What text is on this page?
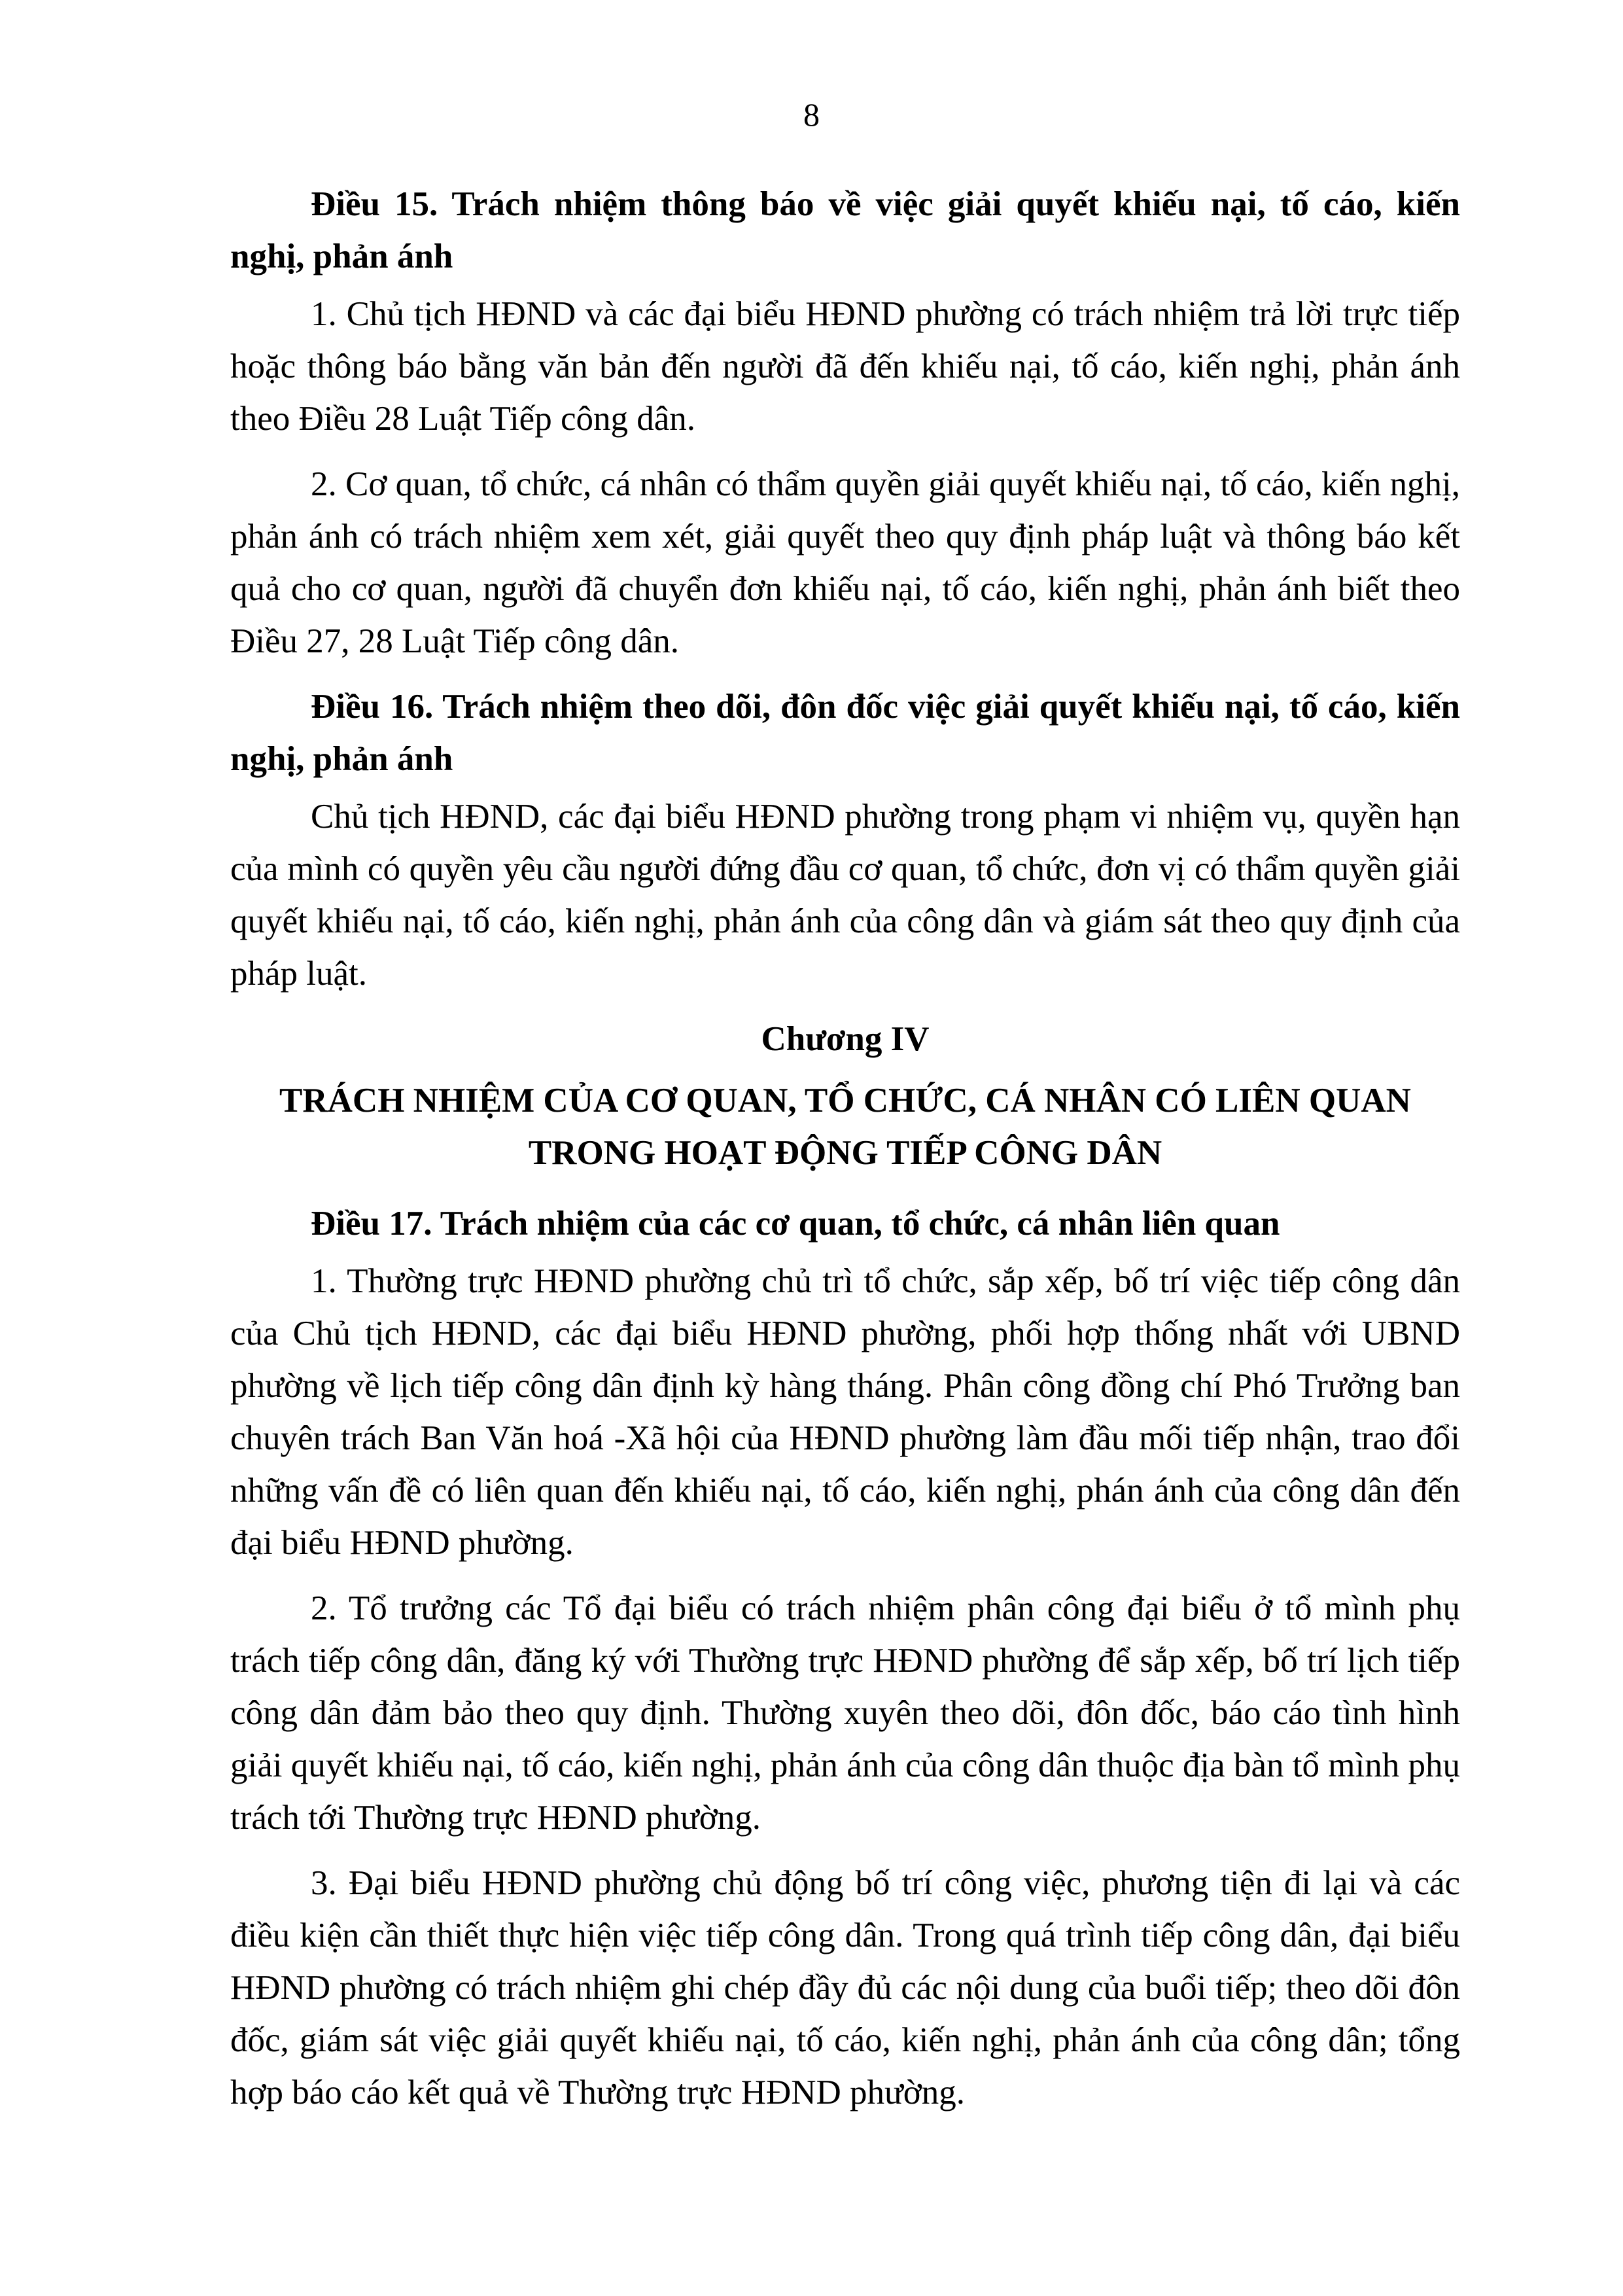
8

Điều 15. Trách nhiệm thông báo về việc giải quyết khiếu nại, tố cáo, kiến nghị, phản ánh

1. Chủ tịch HĐND và các đại biểu HĐND phường có trách nhiệm trả lời trực tiếp hoặc thông báo bằng văn bản đến người đã đến khiếu nại, tố cáo, kiến nghị, phản ánh theo Điều 28 Luật Tiếp công dân.

2. Cơ quan, tổ chức, cá nhân có thẩm quyền giải quyết khiếu nại, tố cáo, kiến nghị, phản ánh có trách nhiệm xem xét, giải quyết theo quy định pháp luật và thông báo kết quả cho cơ quan, người đã chuyển đơn khiếu nại, tố cáo, kiến nghị, phản ánh biết theo Điều 27, 28 Luật Tiếp công dân.

Điều 16. Trách nhiệm theo dõi, đôn đốc việc giải quyết khiếu nại, tố cáo, kiến nghị, phản ánh

Chủ tịch HĐND, các đại biểu HĐND phường trong phạm vi nhiệm vụ, quyền hạn của mình có quyền yêu cầu người đứng đầu cơ quan, tổ chức, đơn vị có thẩm quyền giải quyết khiếu nại, tố cáo, kiến nghị, phản ánh của công dân và giám sát theo quy định của pháp luật.

Chương IV

TRÁCH NHIỆM CỦA CƠ QUAN, TỔ CHỨC, CÁ NHÂN CÓ LIÊN QUAN TRONG HOẠT ĐỘNG TIẾP CÔNG DÂN

Điều 17. Trách nhiệm của các cơ quan, tổ chức, cá nhân liên quan

1. Thường trực HĐND phường chủ trì tổ chức, sắp xếp, bố trí việc tiếp công dân của Chủ tịch HĐND, các đại biểu HĐND phường, phối hợp thống nhất với UBND phường về lịch tiếp công dân định kỳ hàng tháng. Phân công đồng chí Phó Trưởng ban chuyên trách Ban Văn hoá -Xã hội của HĐND phường làm đầu mối tiếp nhận, trao đổi những vấn đề có liên quan đến khiếu nại, tố cáo, kiến nghị, phán ánh của công dân đến đại biểu HĐND phường.

2. Tổ trưởng các Tổ đại biểu có trách nhiệm phân công đại biểu ở tổ mình phụ trách tiếp công dân, đăng ký với Thường trực HĐND phường để sắp xếp, bố trí lịch tiếp công dân đảm bảo theo quy định. Thường xuyên theo dõi, đôn đốc, báo cáo tình hình giải quyết khiếu nại, tố cáo, kiến nghị, phản ánh của công dân thuộc địa bàn tổ mình phụ trách tới Thường trực HĐND phường.

3. Đại biểu HĐND phường chủ động bố trí công việc, phương tiện đi lại và các điều kiện cần thiết thực hiện việc tiếp công dân. Trong quá trình tiếp công dân, đại biểu HĐND phường có trách nhiệm ghi chép đầy đủ các nội dung của buổi tiếp; theo dõi đôn đốc, giám sát việc giải quyết khiếu nại, tố cáo, kiến nghị, phản ánh của công dân; tổng hợp báo cáo kết quả về Thường trực HĐND phường.
